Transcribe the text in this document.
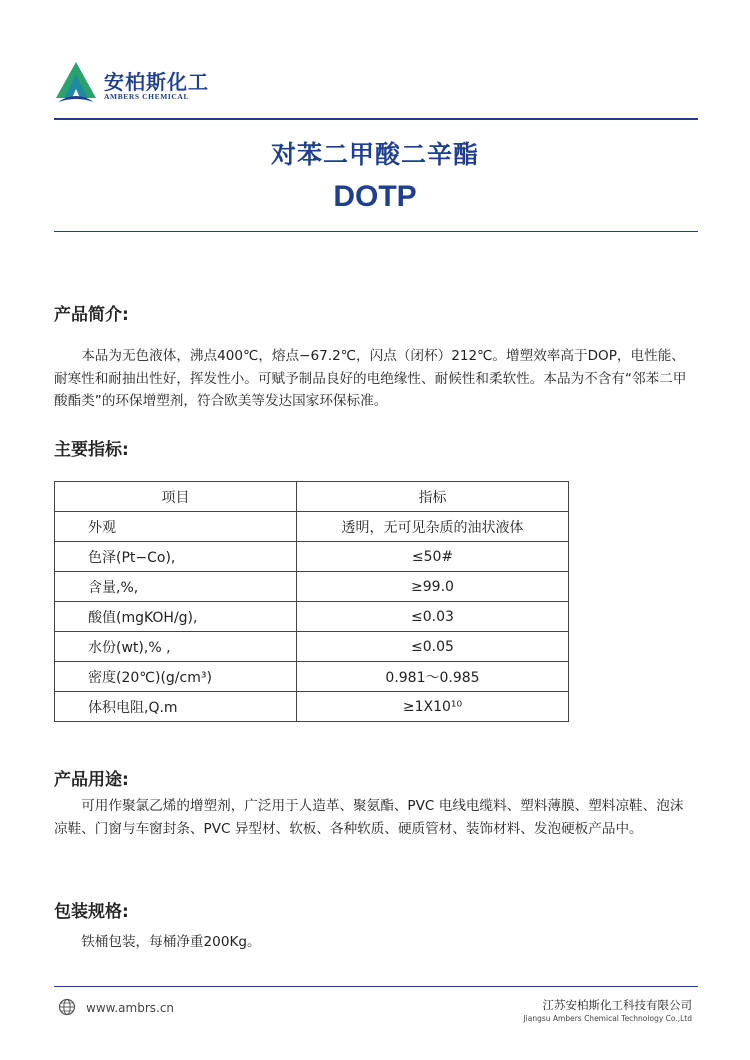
安柏斯化工
AMBERS CHEMICAL
对苯二甲酸二辛酯
DOTP
产品简介:
本品为无色液体，沸点400℃，熔点−67.2℃，闪点（闭杯）212℃。增塑效率高于DOP，电性能、耐寒性和耐抽出性好，挥发性小。可赋予制品良好的电绝缘性、耐候性和柔软性。本品为不含有“邻苯二甲酸酯类”的环保增塑剂，符合欧美等发达国家环保标准。
主要指标:
项目	指标
外观	透明，无可见杂质的油状液体
色泽(Pt−Co),	≤50#
含量,%,	≥99.0
酸值(mgKOH/g),	≤0.03
水份(wt),% ,	≤0.05
密度(20℃)(g/cm³)	0.981～0.985
体积电阻,Q.m	≥1X10¹⁰
产品用途:
可用作聚氯乙烯的增塑剂，广泛用于人造革、聚氨酯、PVC 电线电缆料、塑料薄膜、塑料凉鞋、泡沫凉鞋、门窗与车窗封条、PVC 异型材、软板、各种软质、硬质管材、装饰材料、发泡硬板产品中。
包装规格:
铁桶包装，每桶净重200Kg。
www.ambrs.cn	江苏安柏斯化工科技有限公司
Jiangsu Ambers Chemical Technology Co.,Ltd
